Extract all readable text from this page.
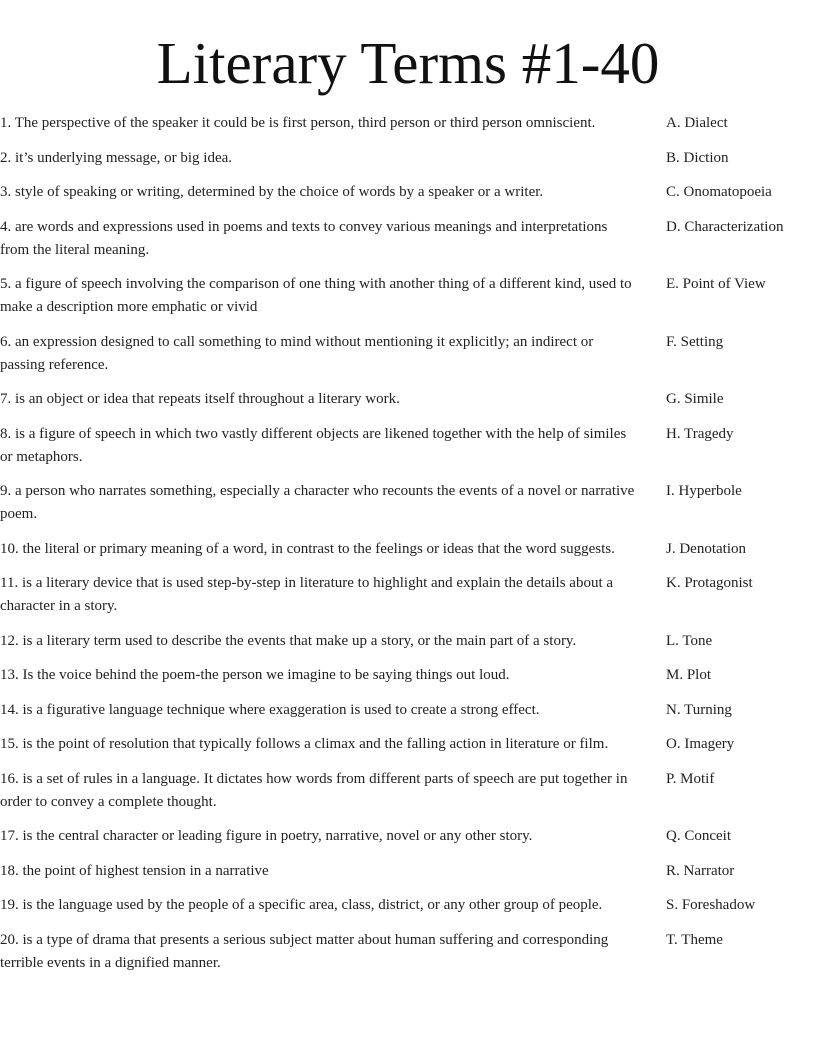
Literary Terms #1-40
1. The perspective of the speaker it could be is first person, third person or third person omniscient.	A. Dialect
2. it’s underlying message, or big idea.	B. Diction
3. style of speaking or writing, determined by the choice of words by a speaker or a writer.	C. Onomatopoeia
4. are words and expressions used in poems and texts to convey various meanings and interpretations from the literal meaning.
D. Characterization
5. a figure of speech involving the comparison of one thing with another thing of a different kind, used to make a description more emphatic or vivid
E. Point of View
6. an expression designed to call something to mind without mentioning it explicitly; an indirect or passing reference.
F. Setting
7. is an object or idea that repeats itself throughout a literary work.	G. Simile
8. is a figure of speech in which two vastly different objects are likened together with the help of similes or metaphors.
H. Tragedy
9. a person who narrates something, especially a character who recounts the events of a novel or narrative poem.
I. Hyperbole
10. the literal or primary meaning of a word, in contrast to the feelings or ideas that the word suggests.	J. Denotation
11. is a literary device that is used step-by-step in literature to highlight and explain the details about a character in a story.
K. Protagonist
12. is a literary term used to describe the events that make up a story, or the main part of a story.	L. Tone
13. Is the voice behind the poem-the person we imagine to be saying things out loud.	M. Plot
14. is a figurative language technique where exaggeration is used to create a strong effect.	N. Turning
15. is the point of resolution that typically follows a climax and the falling action in literature or film.	O. Imagery
16. is a set of rules in a language. It dictates how words from different parts of speech are put together in order to convey a complete thought.
P. Motif
17. is the central character or leading figure in poetry, narrative, novel or any other story.	Q. Conceit
18. the point of highest tension in a narrative	R. Narrator
19. is the language used by the people of a specific area, class, district, or any other group of people.	S. Foreshadow
20. is a type of drama that presents a serious subject matter about human suffering and corresponding terrible events in a dignified manner.
T. Theme
